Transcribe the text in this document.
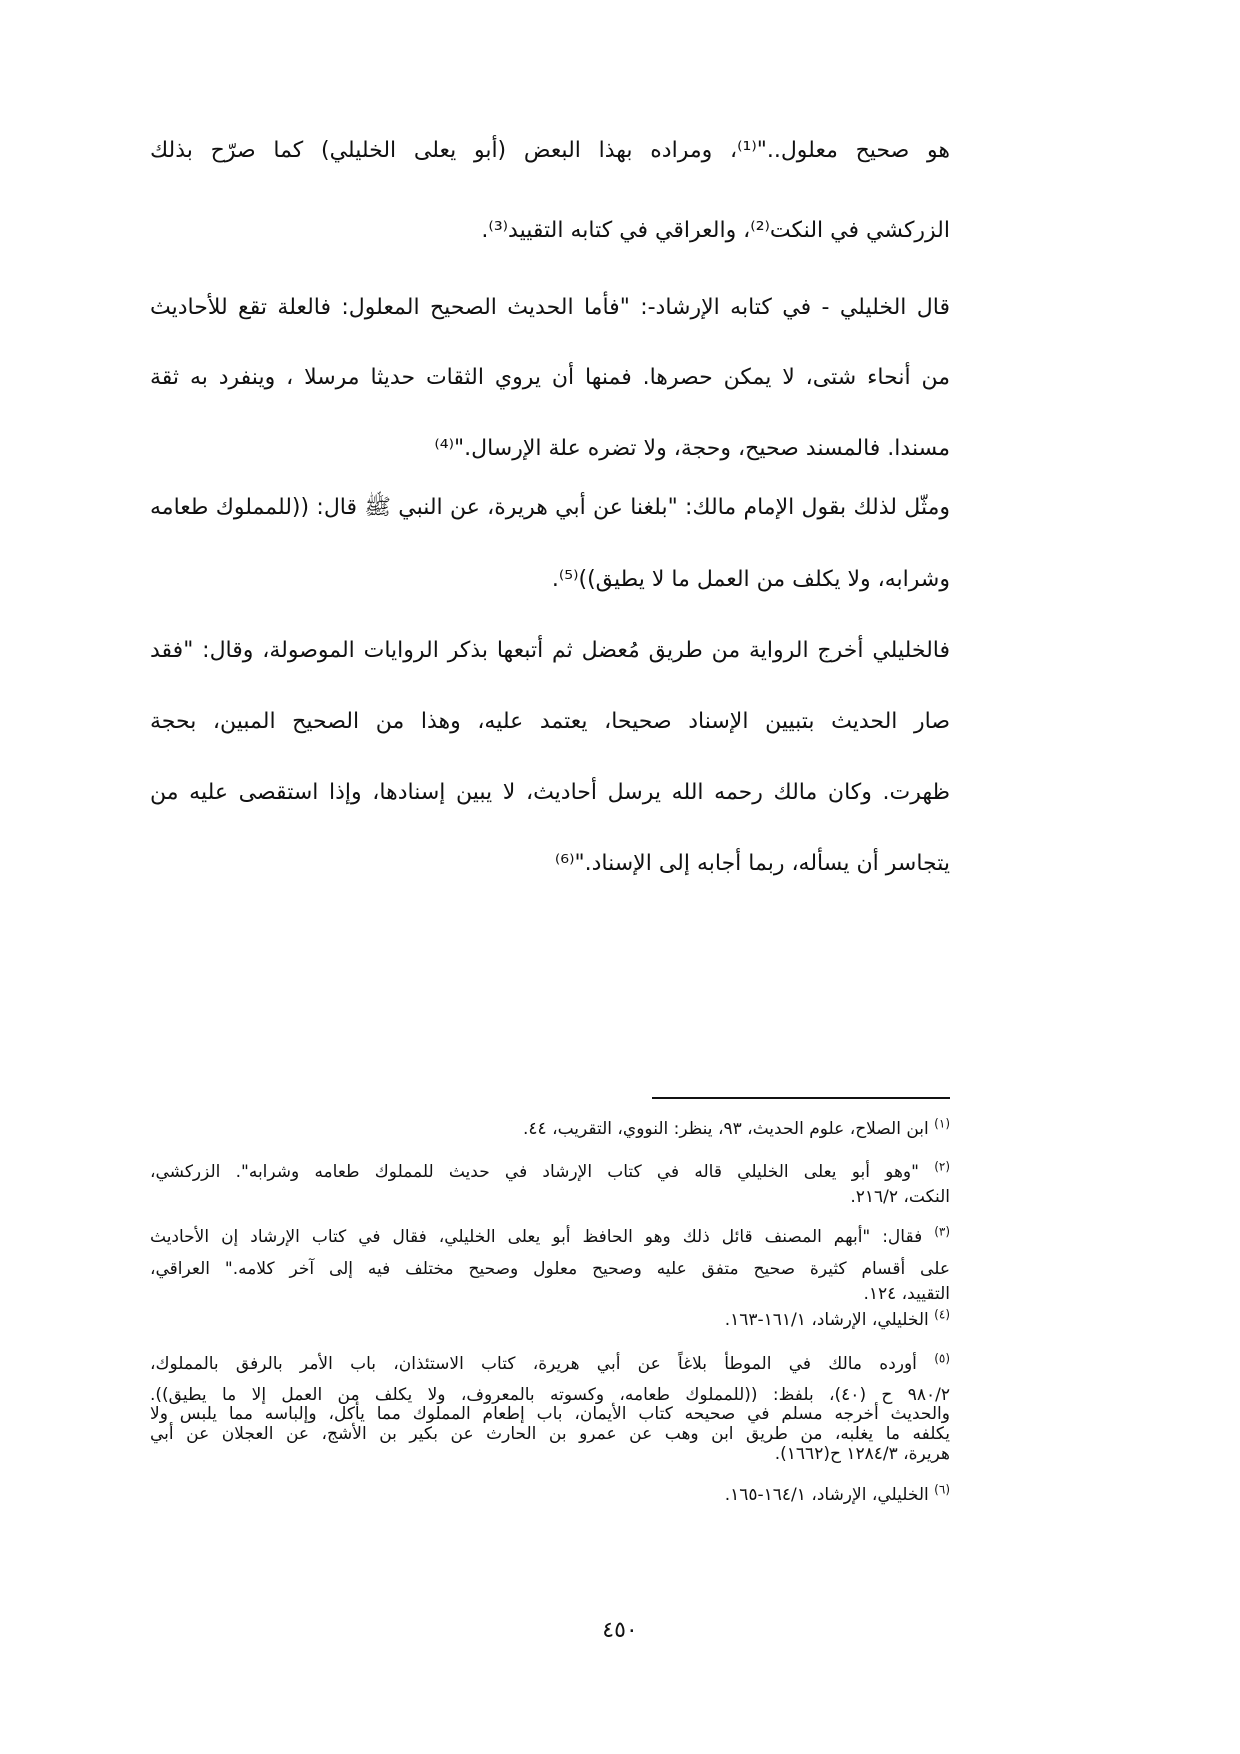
هو صحيح معلول.."⁽¹⁾، ومراده بهذا البعض (أبو يعلى الخليلي) كما صرّح بذلك
الزركشي في النكت⁽²⁾، والعراقي في كتابه التقييد⁽³⁾.
قال الخليلي - في كتابه الإرشاد-: "فأما الحديث الصحيح المعلول: فالعلة تقع للأحاديث
من أنحاء شتى، لا يمكن حصرها. فمنها أن يروي الثقات حديثا مرسلا ، وينفرد به ثقة
مسندا. فالمسند صحيح، وحجة، ولا تضره علة الإرسال."⁽⁴⁾
ومثّل لذلك بقول الإمام مالك: "بلغنا عن أبي هريرة، عن النبي ﷺ قال: ((للمملوك طعامه
وشرابه، ولا يكلف من العمل ما لا يطيق))⁽⁵⁾.
فالخليلي أخرج الرواية من طريق مُعضل ثم أتبعها بذكر الروايات الموصولة، وقال: "فقد
صار الحديث بتبيين الإسناد صحيحا، يعتمد عليه، وهذا من الصحيح المبين، بحجة
ظهرت. وكان مالك رحمه الله يرسل أحاديث، لا يبين إسنادها، وإذا استقصى عليه من
يتجاسر أن يسأله، ربما أجابه إلى الإسناد."⁽⁶⁾
$^{(١)}$ ابن الصلاح، علوم الحديث، ٩٣، ينظر: النووي، التقريب، ٤٤.
$^{(٢)}$ "وهو أبو يعلى الخليلي قاله في كتاب الإرشاد في حديث للمملوك طعامه وشرابه". الزركشي،
النكت، ٢١٦/٢.
$^{(٣)}$ فقال: "أبهم المصنف قائل ذلك وهو الحافظ أبو يعلى الخليلي، فقال في كتاب الإرشاد إن الأحاديث
على أقسام كثيرة صحيح متفق عليه وصحيح معلول وصحيح مختلف فيه إلى آخر كلامه." العراقي،
التقييد، ١٢٤.
$^{(٤)}$ الخليلي، الإرشاد، ١٦١/١-١٦٣.
$^{(٥)}$ أورده مالك في الموطأ بلاغاً عن أبي هريرة، كتاب الاستئذان، باب الأمر بالرفق بالمملوك،
٩٨٠/٢ ح (٤٠)، بلفظ: ((للمملوك طعامه، وكسوته بالمعروف، ولا يكلف من العمل إلا ما يطيق)).
والحديث أخرجه مسلم في صحيحه كتاب الأيمان، باب إطعام المملوك مما يأكل، وإلباسه مما يلبس ولا
يكلفه ما يغلبه، من طريق ابن وهب عن عمرو بن الحارث عن بكير بن الأشج، عن العجلان عن أبي
هريرة، ١٢٨٤/٣ ح(١٦٦٢).
$^{(٦)}$ الخليلي، الإرشاد، ١٦٤/١-١٦٥.
٤٥٠
